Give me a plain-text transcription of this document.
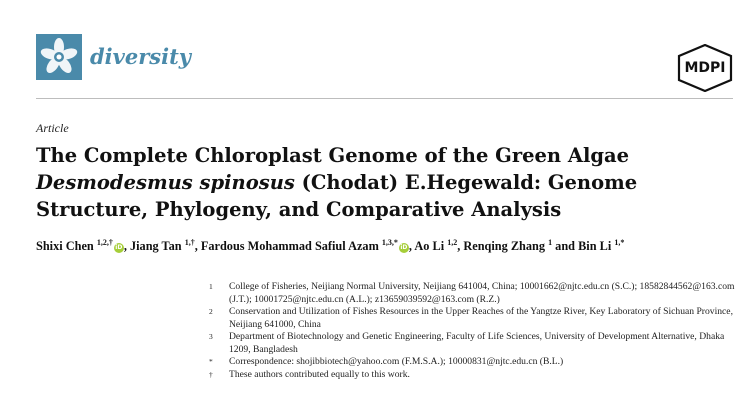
diversity	MDPI
Article
The Complete Chloroplast Genome of the Green Algae
Desmodesmus spinosus (Chodat) E.Hegewald: Genome
Structure, Phylogeny, and Comparative Analysis
Shixi Chen $^{1,2,\dagger}$iD, Jiang Tan $^{1,\dagger}$, Fardous Mohammad Safiul Azam $^{1,3,*}$iD, Ao Li $^{1,2}$, Renqing Zhang $^1$ and Bin Li $^{1,*}$
1	College of Fisheries, Neijiang Normal University, Neijiang 641004, China; 10001662@njtc.edu.cn (S.C.); 18582844562@163.com (J.T.); 10001725@njtc.edu.cn (A.L.); z13659039592@163.com (R.Z.)
2	Conservation and Utilization of Fishes Resources in the Upper Reaches of the Yangtze River, Key Laboratory of Sichuan Province, Neijiang 641000, China
3	Department of Biotechnology and Genetic Engineering, Faculty of Life Sciences, University of Development Alternative, Dhaka 1209, Bangladesh
*	Correspondence: shojibbiotech@yahoo.com (F.M.S.A.); 10000831@njtc.edu.cn (B.L.)
†	These authors contributed equally to this work.
